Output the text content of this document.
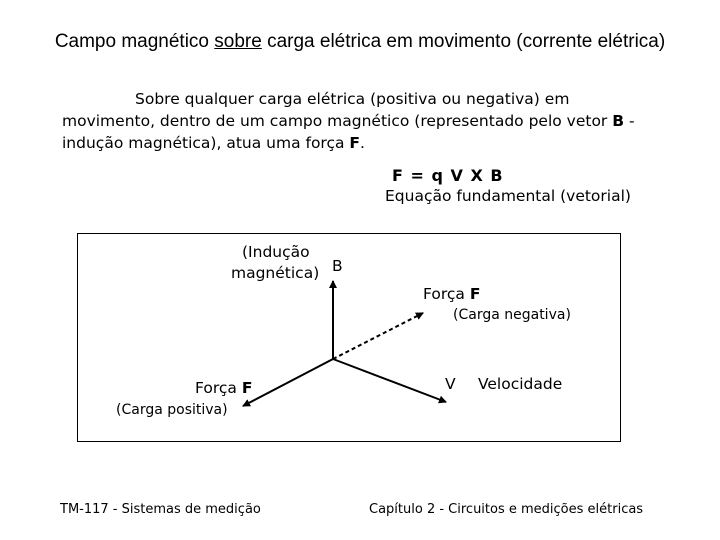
Campo magnético sobre carga elétrica em movimento (corrente elétrica)

Sobre qualquer carga elétrica (positiva ou negativa) em

movimento, dentro de um campo magnético (representado pelo vetor B -

indução magnética), atua uma força F.

F = q V X B
Equação fundamental (vetorial)
(Indução
magnética) B
Força F
(Carga negativa)
V Velocidade
Força F
(Carga positiva)
TM-117 - Sistemas de medição	Capítulo 2 - Circuitos e medições elétricas
